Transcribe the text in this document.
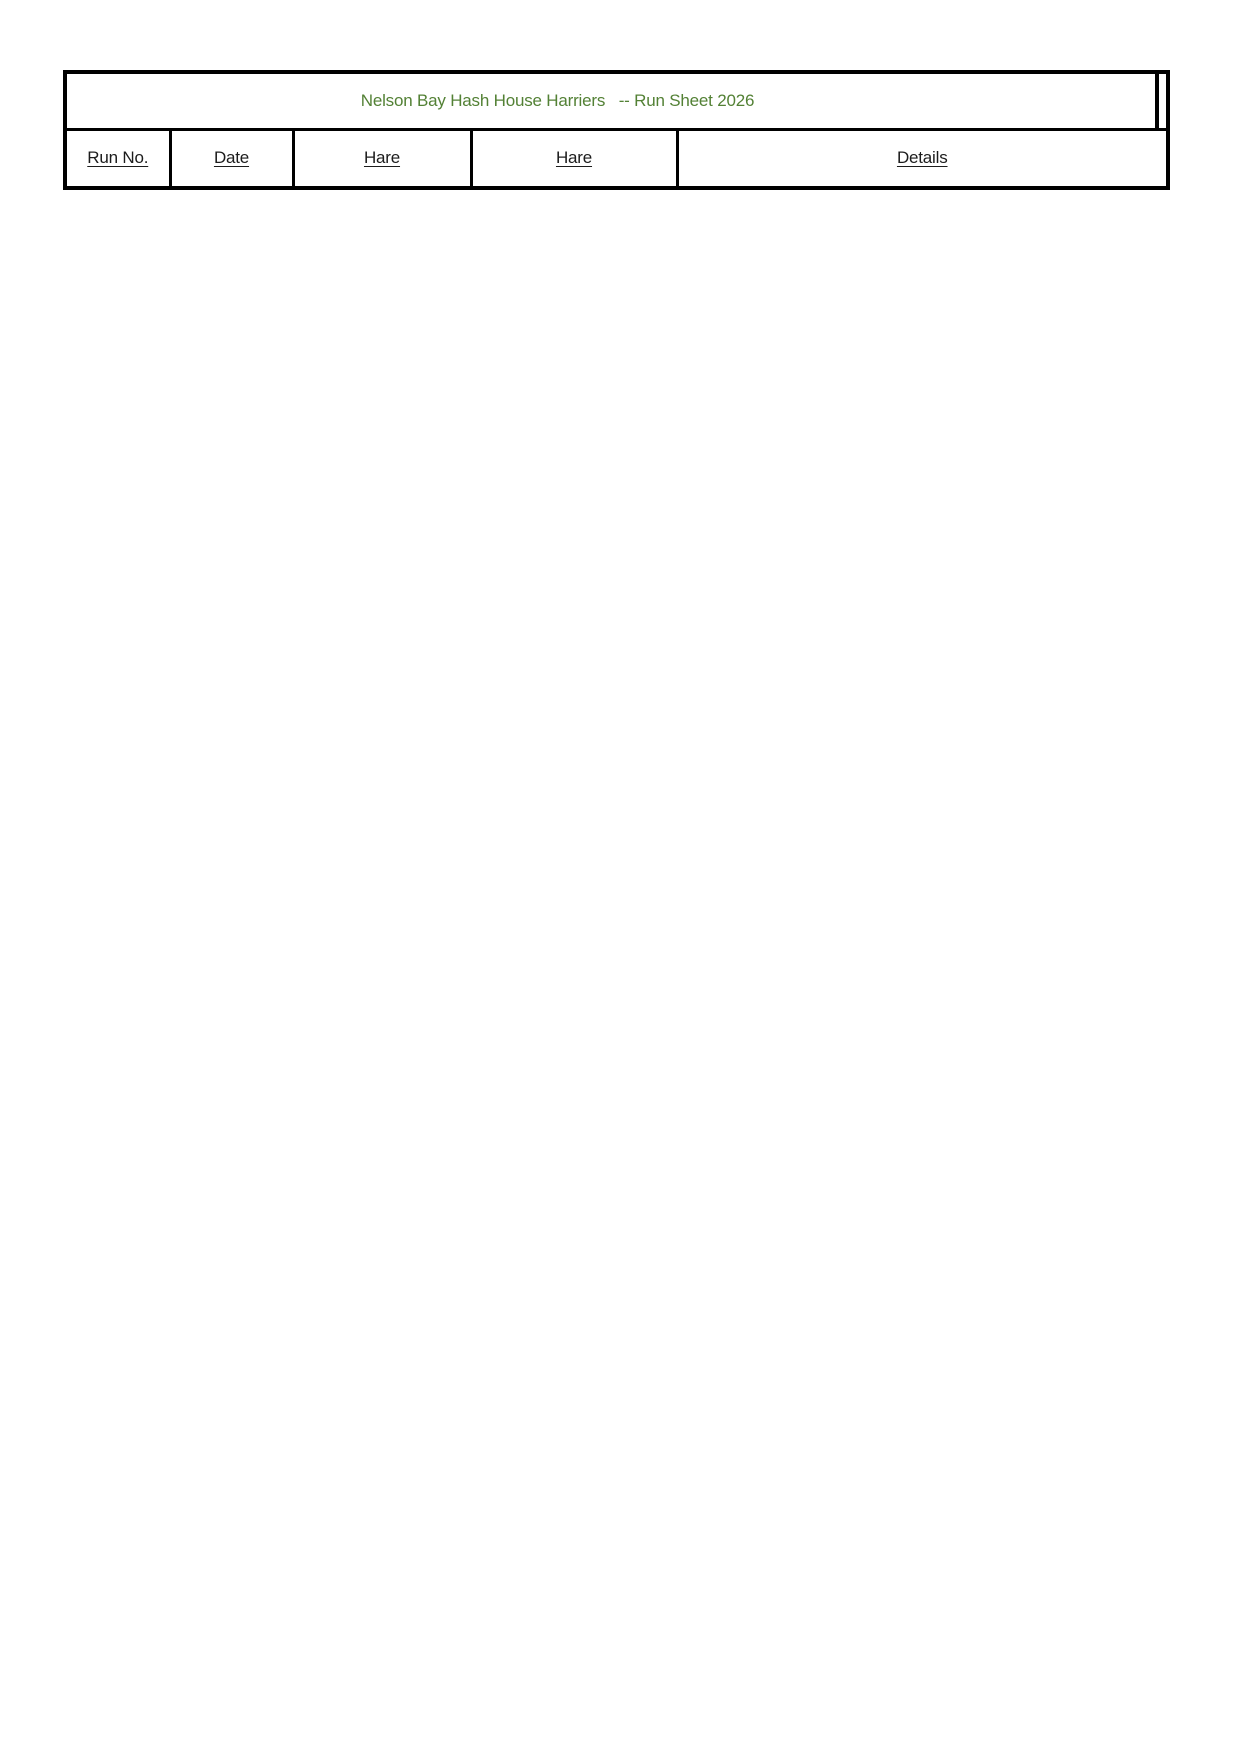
Nelson Bay Hash House Harriers   -- Run Sheet 2026

Run No.	Date	Hare	Hare	Details
